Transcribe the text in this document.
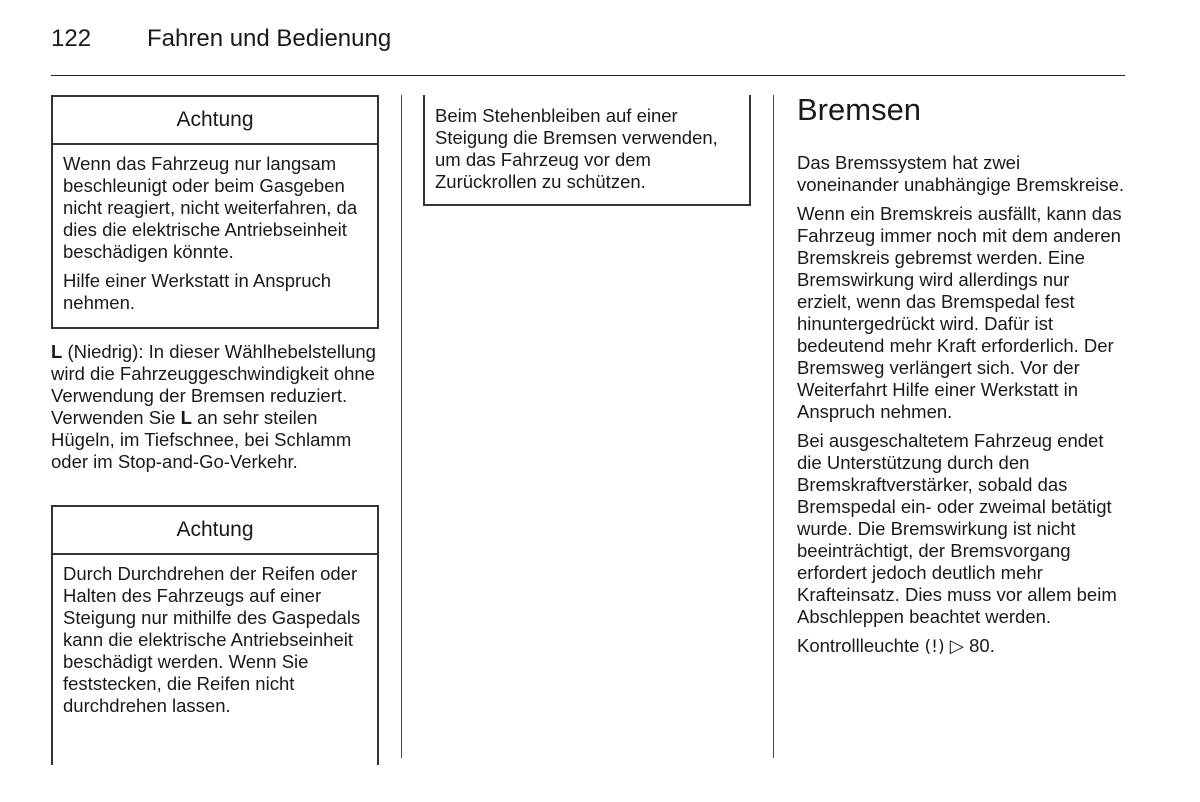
122 Fahren und Bedienung
Achtung

Wenn das Fahrzeug nur langsam beschleunigt oder beim Gasgeben nicht reagiert, nicht weiterfahren, da dies die elektrische Antriebseinheit beschädigen könnte.

Hilfe einer Werkstatt in Anspruch nehmen.

L (Niedrig): In dieser Wählhebelstellung wird die Fahrzeuggeschwindigkeit ohne Verwendung der Bremsen reduziert. Verwenden Sie L an sehr steilen Hügeln, im Tiefschnee, bei Schlamm oder im Stop-and-Go-Verkehr.

Achtung

Durch Durchdrehen der Reifen oder Halten des Fahrzeugs auf einer Steigung nur mithilfe des Gaspedals kann die elektrische Antriebseinheit beschädigt werden. Wenn Sie feststecken, die Reifen nicht durchdrehen lassen.

Beim Stehenbleiben auf einer Steigung die Bremsen verwenden, um das Fahrzeug vor dem Zurückrollen zu schützen.
Bremsen

Das Bremssystem hat zwei voneinander unabhängige Bremskreise.

Wenn ein Bremskreis ausfällt, kann das Fahrzeug immer noch mit dem anderen Bremskreis gebremst werden. Eine Bremswirkung wird allerdings nur erzielt, wenn das Bremspedal fest hinuntergedrückt wird. Dafür ist bedeutend mehr Kraft erforderlich. Der Bremsweg verlängert sich. Vor der Weiterfahrt Hilfe einer Werkstatt in Anspruch nehmen.

Bei ausgeschaltetem Fahrzeug endet die Unterstützung durch den Bremskraftverstärker, sobald das Bremspedal ein- oder zweimal betätigt wurde. Die Bremswirkung ist nicht beeinträchtigt, der Bremsvorgang erfordert jedoch deutlich mehr Krafteinsatz. Dies muss vor allem beim Abschleppen beachtet werden.

Kontrollleuchte (!) ▷ 80.
